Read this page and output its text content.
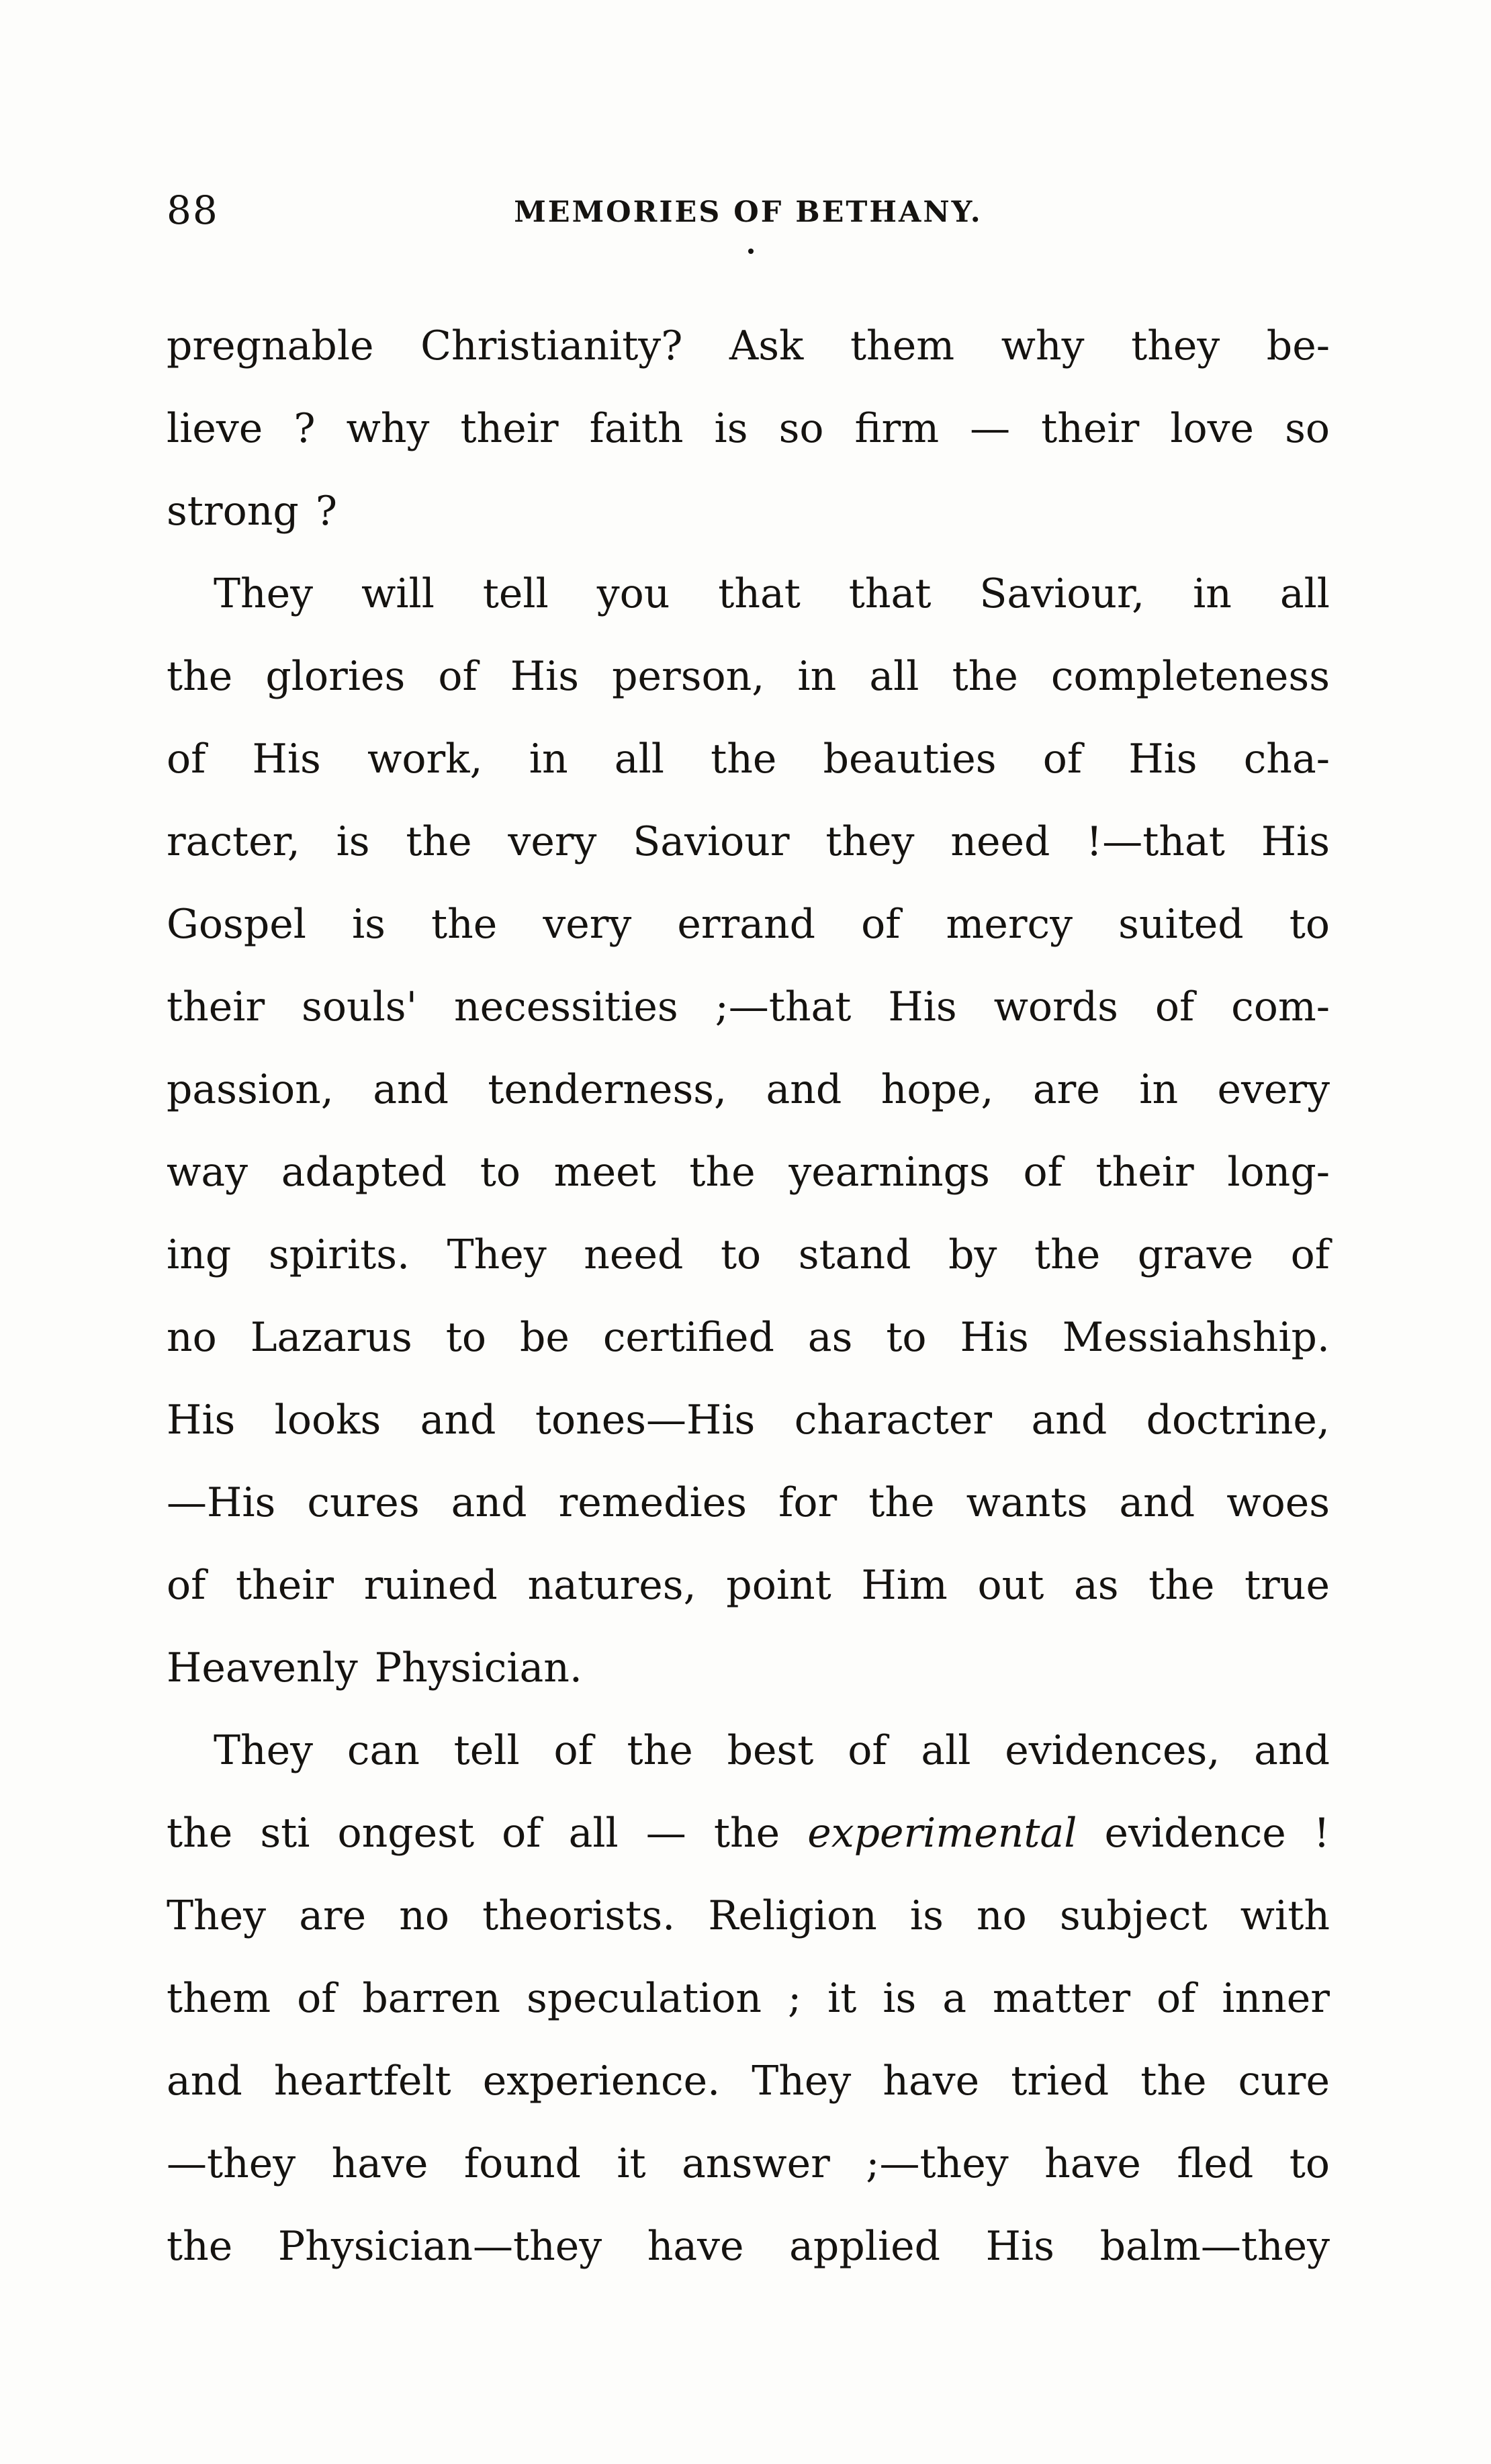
88	MEMORIES OF BETHANY.
pregnable Christianity? Ask them why they be-
lieve ? why their faith is so firm — their love so
strong ?
They will tell you that that Saviour, in all
the glories of His person, in all the completeness
of His work, in all the beauties of His cha-
racter, is the very Saviour they need !—that His
Gospel is the very errand of mercy suited to
their souls' necessities ;—that His words of com-
passion, and tenderness, and hope, are in every
way adapted to meet the yearnings of their long-
ing spirits. They need to stand by the grave of
no Lazarus to be certified as to His Messiahship.
His looks and tones—His character and doctrine,
—His cures and remedies for the wants and woes
of their ruined natures, point Him out as the true
Heavenly Physician.
They can tell of the best of all evidences, and
the sti ongest of all — the experimental evidence !
They are no theorists. Religion is no subject with
them of barren speculation ; it is a matter of inner
and heartfelt experience. They have tried the cure
—they have found it answer ;—they have fled to
the Physician—they have applied His balm—they
